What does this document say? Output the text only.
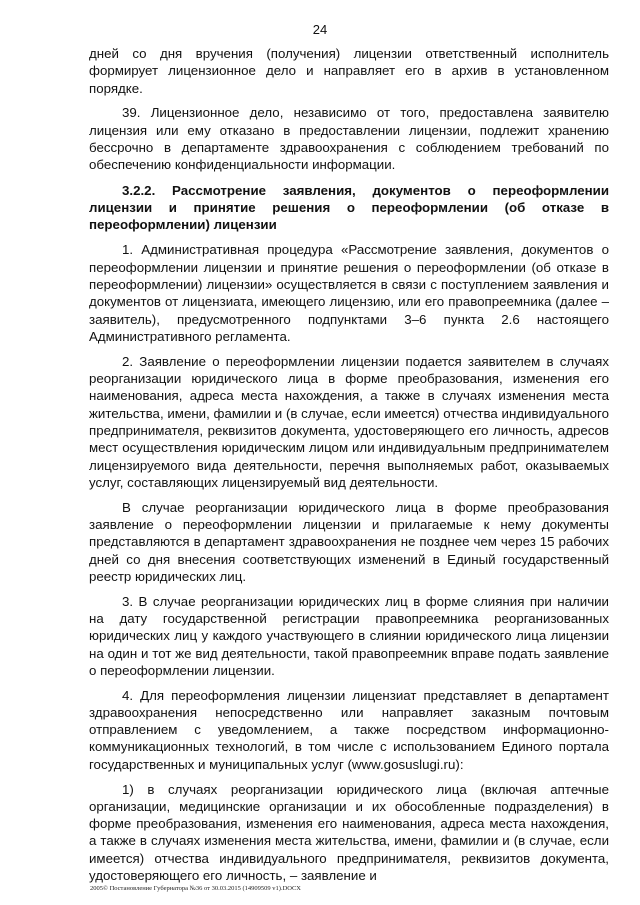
24

дней со дня вручения (получения) лицензии ответственный исполнитель формирует лицензионное дело и направляет его в архив в установленном порядке.

39. Лицензионное дело, независимо от того, предоставлена заявителю лицензия или ему отказано в предоставлении лицензии, подлежит хранению бессрочно в департаменте здравоохранения с соблюдением требований по обеспечению конфиденциальности информации.

3.2.2. Рассмотрение заявления, документов о переоформлении лицензии и принятие решения о переоформлении (об отказе в переоформлении) лицензии

1. Административная процедура «Рассмотрение заявления, документов о переоформлении лицензии и принятие решения о переоформлении (об отказе в переоформлении) лицензии» осуществляется в связи с поступлением заявления и документов от лицензиата, имеющего лицензию, или его правопреемника (далее – заявитель), предусмотренного подпунктами 3–6 пункта 2.6 настоящего Административного регламента.

2. Заявление о переоформлении лицензии подается заявителем в случаях реорганизации юридического лица в форме преобразования, изменения его наименования, адреса места нахождения, а также в случаях изменения места жительства, имени, фамилии и (в случае, если имеется) отчества индивидуального предпринимателя, реквизитов документа, удостоверяющего его личность, адресов мест осуществления юридическим лицом или индивидуальным предпринимателем лицензируемого вида деятельности, перечня выполняемых работ, оказываемых услуг, составляющих лицензируемый вид деятельности.

В случае реорганизации юридического лица в форме преобразования заявление о переоформлении лицензии и прилагаемые к нему документы представляются в департамент здравоохранения не позднее чем через 15 рабочих дней со дня внесения соответствующих изменений в Единый государственный реестр юридических лиц.

3. В случае реорганизации юридических лиц в форме слияния при наличии на дату государственной регистрации правопреемника реорганизованных юридических лиц у каждого участвующего в слиянии юридического лица лицензии на один и тот же вид деятельности, такой правопреемник вправе подать заявление о переоформлении лицензии.

4. Для переоформления лицензии лицензиат представляет в департамент здравоохранения непосредственно или направляет заказным почтовым отправлением с уведомлением, а также посредством информационно-коммуникационных технологий, в том числе с использованием Единого портала государственных и муниципальных услуг (www.gosuslugi.ru):

1) в случаях реорганизации юридического лица (включая аптечные организации, медицинские организации и их обособленные подразделения) в форме преобразования, изменения его наименования, адреса места нахождения, а также в случаях изменения места жительства, имени, фамилии и (в случае, если имеется) отчества индивидуального предпринимателя, реквизитов документа, удостоверяющего его личность, – заявление и

2005© Постановление Губернатора №36 от 30.03.2015 (14909509 v1).DOCX
